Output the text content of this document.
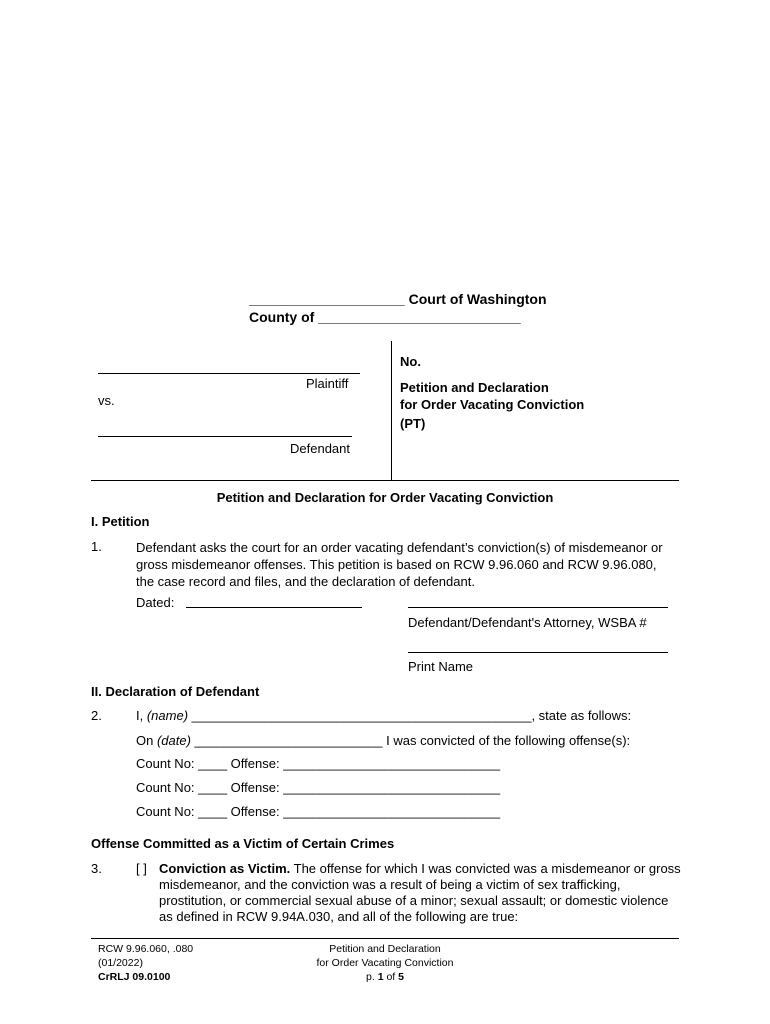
____________________ Court of Washington
County of __________________________
Plaintiff
vs.
Defendant
No.
Petition and Declaration
for Order Vacating Conviction
(PT)
Petition and Declaration for Order Vacating Conviction
I. Petition
1.	Defendant asks the court for an order vacating defendant’s conviction(s) of misdemeanor or gross misdemeanor offenses. This petition is based on RCW 9.96.060 and RCW 9.96.080, the case record and files, and the declaration of defendant.
Dated:
Defendant/Defendant's Attorney, WSBA #
Print Name
II. Declaration of Defendant
2.	I, (name) _______________________________________________, state as follows:
On (date) __________________________ I was convicted of the following offense(s):
Count No: ____ Offense: ______________________________
Count No: ____ Offense: ______________________________
Count No: ____ Offense: ______________________________
Offense Committed as a Victim of Certain Crimes
3.	[ ] Conviction as Victim. The offense for which I was convicted was a misdemeanor or gross misdemeanor, and the conviction was a result of being a victim of sex trafficking, prostitution, or commercial sexual abuse of a minor; sexual assault; or domestic violence as defined in RCW 9.94A.030, and all of the following are true:
RCW 9.96.060, .080
(01/2022)
CrRLJ 09.0100
Petition and Declaration
for Order Vacating Conviction
p. 1 of 5
